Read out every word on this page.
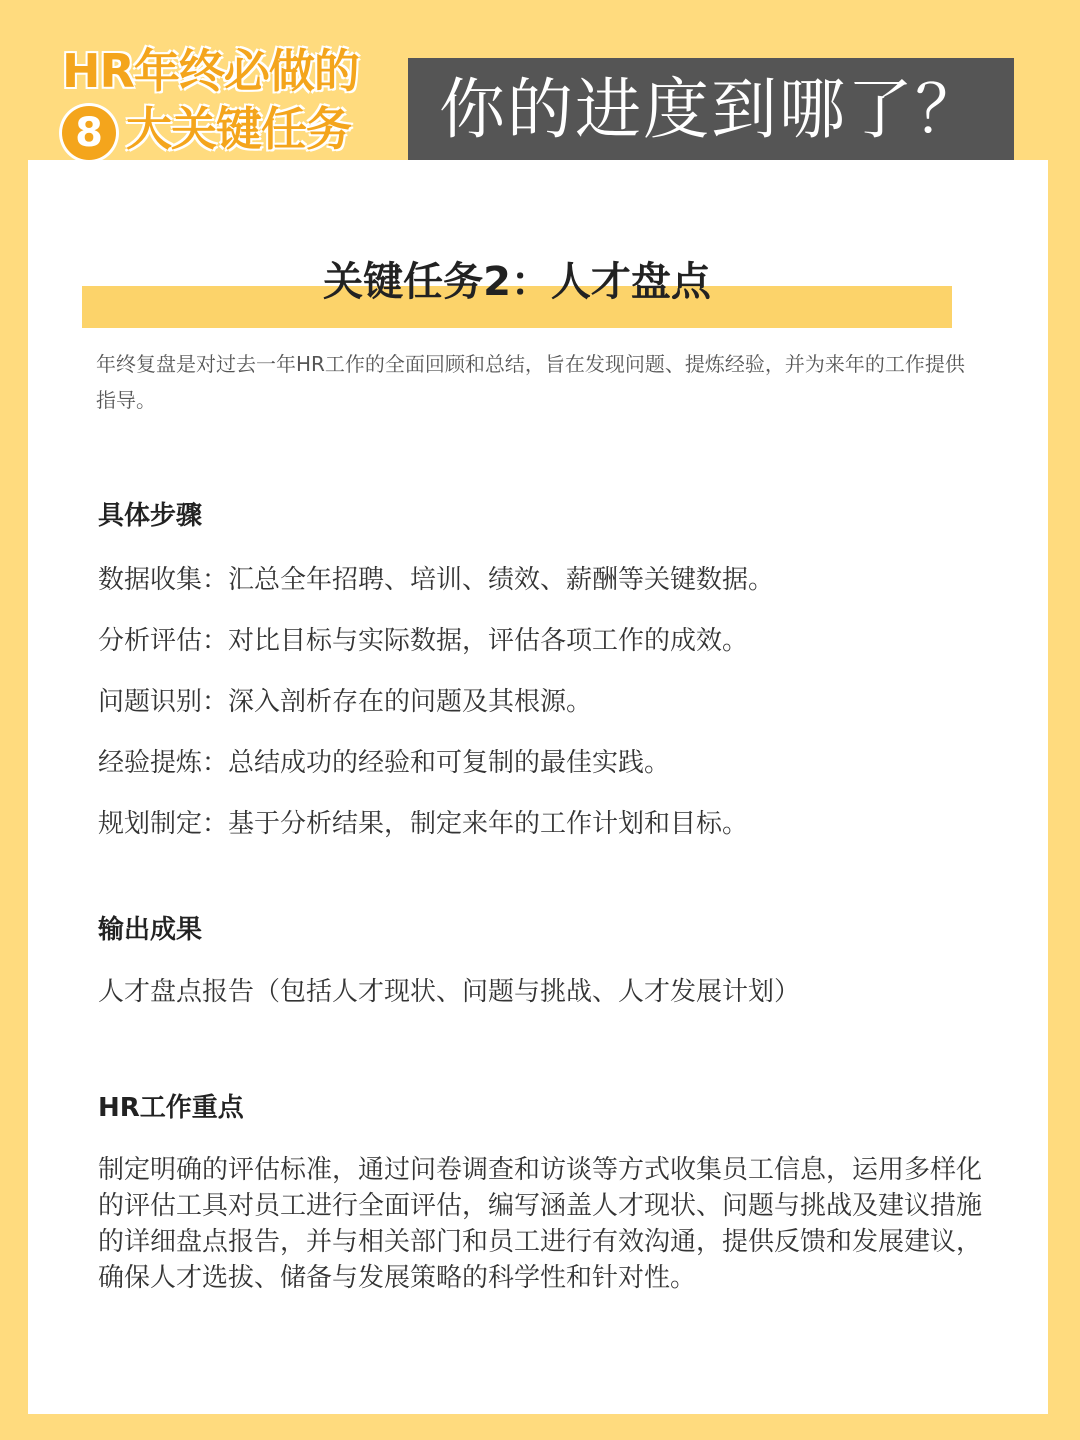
HR年终必做的
8 大关键任务	你的进度到哪了？
关键任务2：人才盘点
年终复盘是对过去一年HR工作的全面回顾和总结，旨在发现问题、提炼经验，并为来年的工作提供指导。
具体步骤
数据收集：汇总全年招聘、培训、绩效、薪酬等关键数据。
分析评估：对比目标与实际数据，评估各项工作的成效。
问题识别：深入剖析存在的问题及其根源。
经验提炼：总结成功的经验和可复制的最佳实践。
规划制定：基于分析结果，制定来年的工作计划和目标。
输出成果
人才盘点报告（包括人才现状、问题与挑战、人才发展计划）
HR工作重点
制定明确的评估标准，通过问卷调查和访谈等方式收集员工信息，运用多样化的评估工具对员工进行全面评估，编写涵盖人才现状、问题与挑战及建议措施的详细盘点报告，并与相关部门和员工进行有效沟通，提供反馈和发展建议，确保人才选拔、储备与发展策略的科学性和针对性。
